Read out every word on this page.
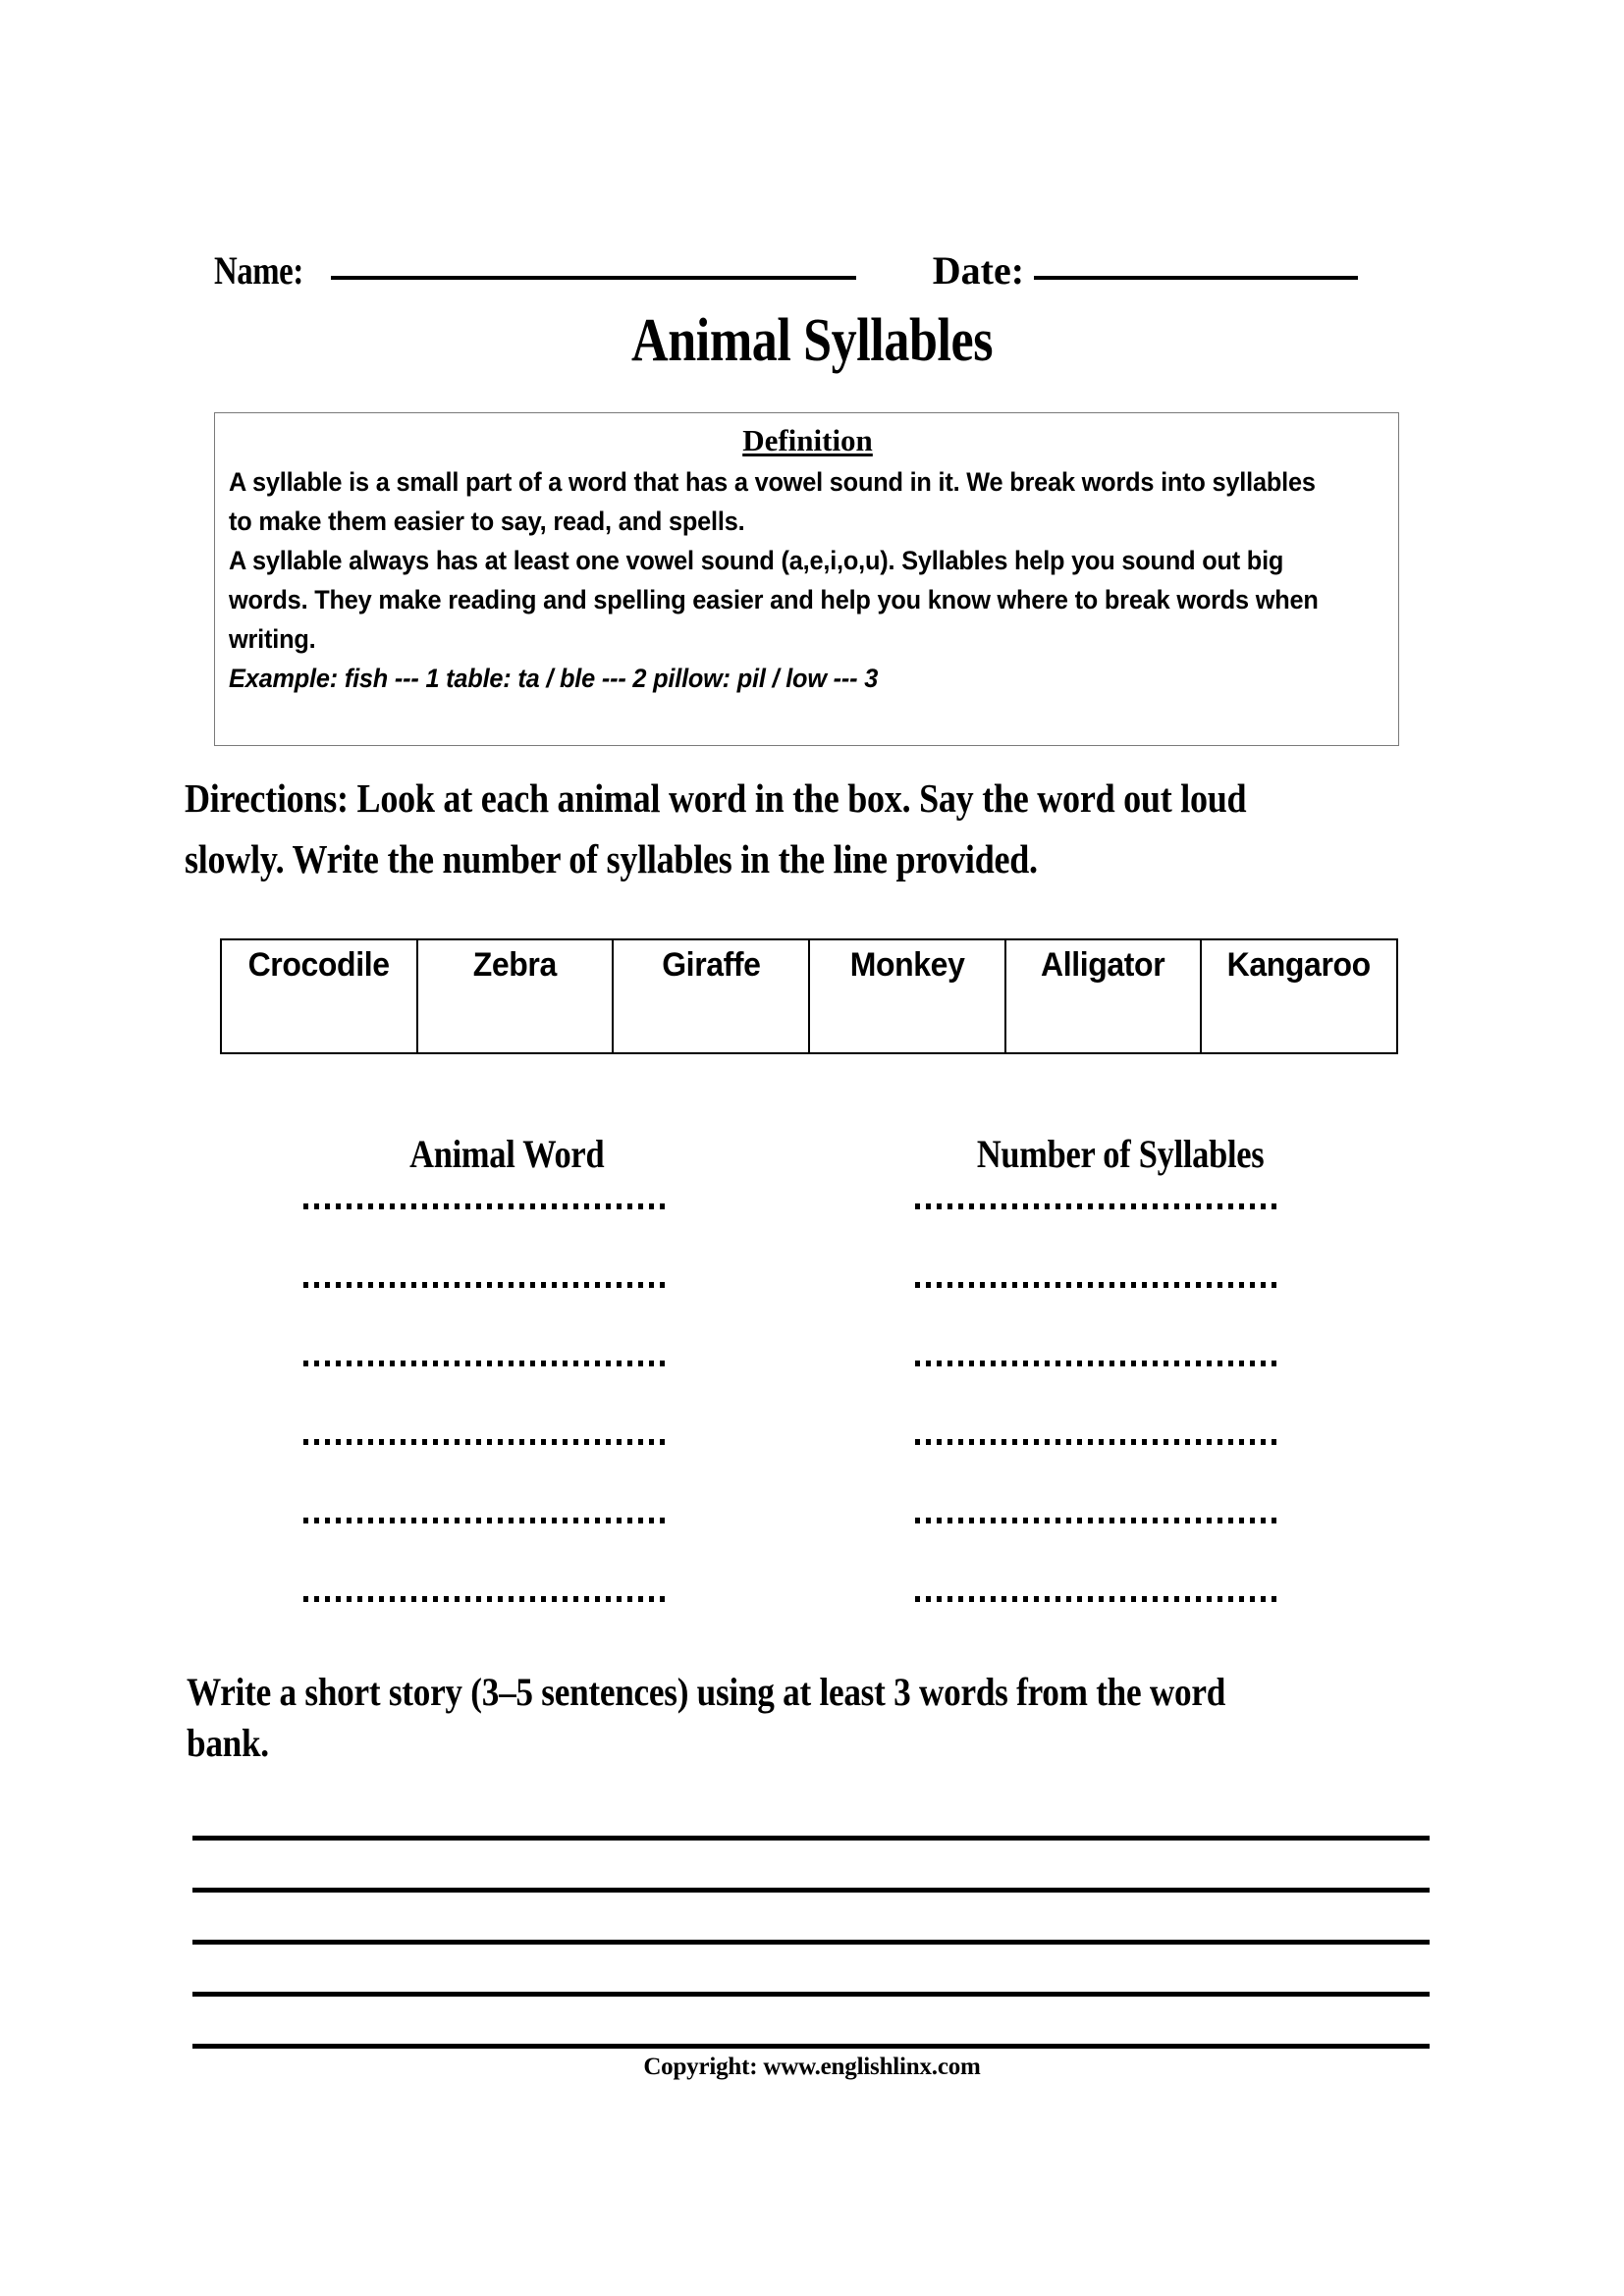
Name:	Date:
Animal Syllables
Definition

A syllable is a small part of a word that has a vowel sound in it. We break words into syllables to make them easier to say, read, and spells.

A syllable always has at least one vowel sound (a,e,i,o,u). Syllables help you sound out big words. They make reading and spelling easier and help you know where to break words when writing.

Example: fish --- 1 table: ta / ble --- 2 pillow: pil / low --- 3

Directions: Look at each animal word in the box. Say the word out loud slowly. Write the number of syllables in the line provided.
Crocodile	Zebra	Giraffe	Monkey	Alligator	Kangaroo
Animal Word	Number of Syllables
Write a short story (3–5 sentences) using at least 3 words from the word bank.
Copyright: www.englishlinx.com
